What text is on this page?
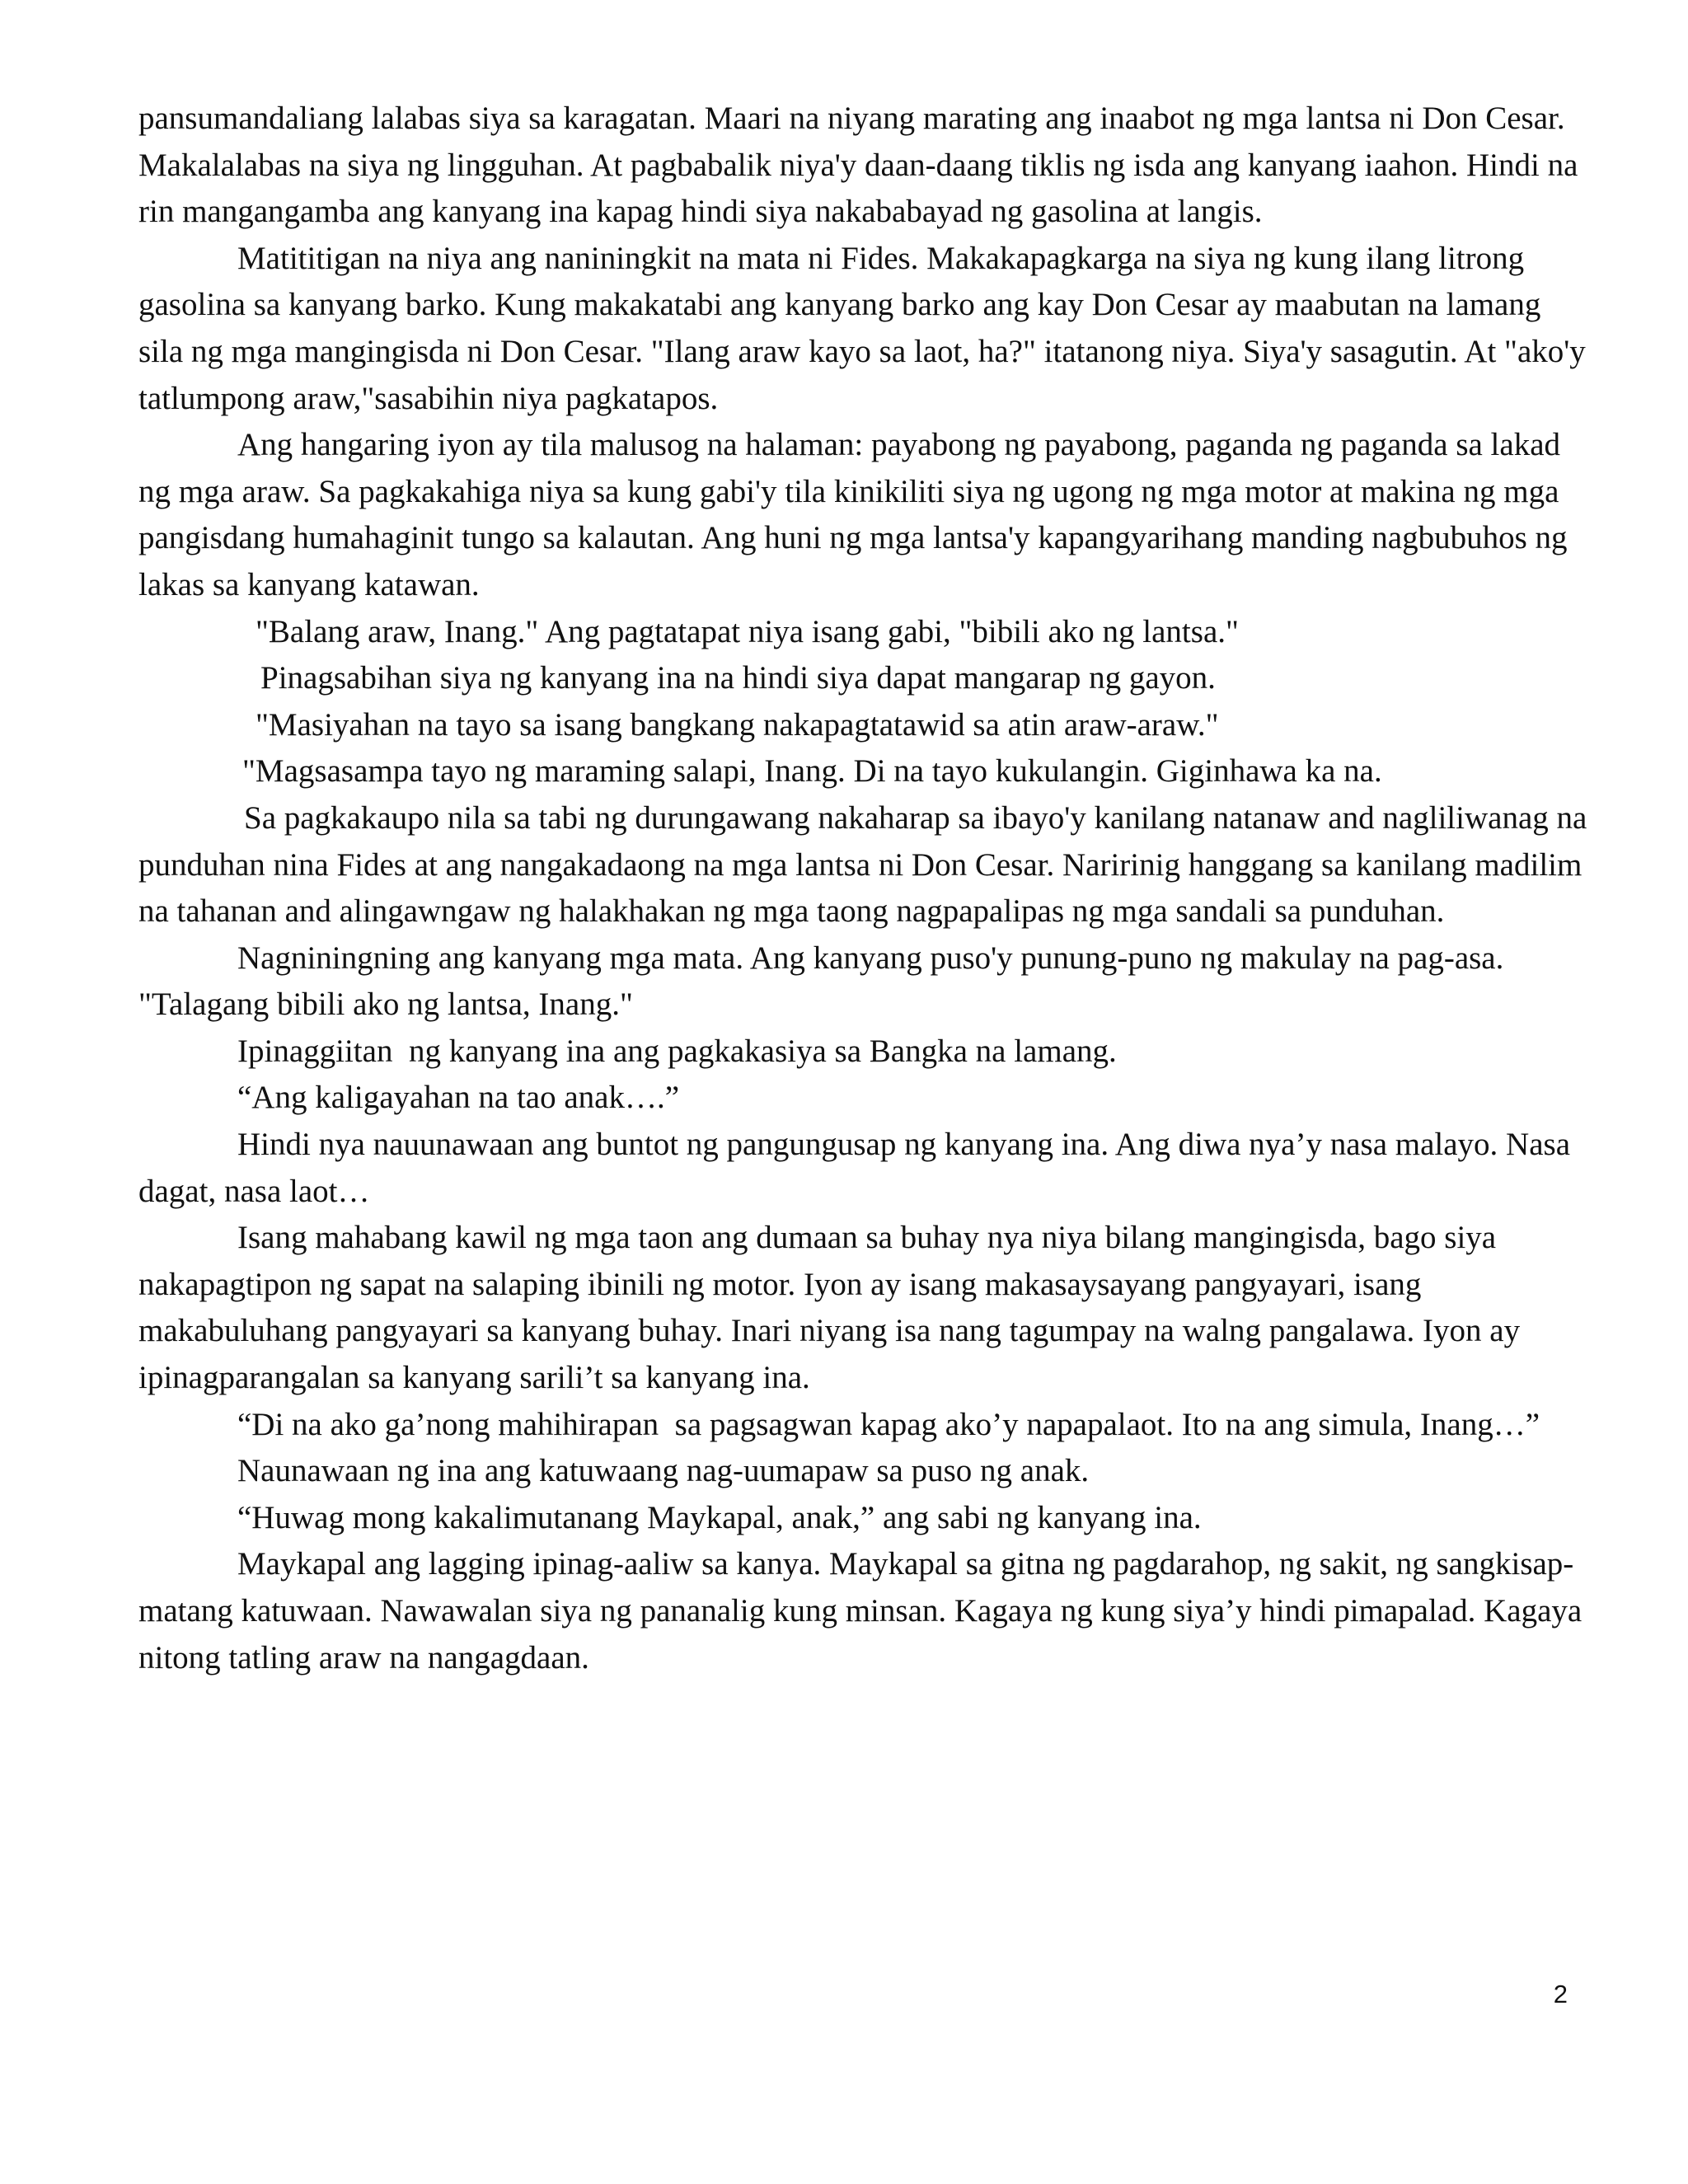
pansumandaliang lalabas siya sa karagatan. Maari na niyang marating ang inaabot ng mga lantsa ni Don Cesar. Makalalabas na siya ng lingguhan. At pagbabalik niya'y daan-daang tiklis ng isda ang kanyang iaahon. Hindi na rin mangangamba ang kanyang ina kapag hindi siya nakababayad ng gasolina at langis.

Matititigan na niya ang naniningkit na mata ni Fides. Makakapagkarga na siya ng kung ilang litrong gasolina sa kanyang barko. Kung makakatabi ang kanyang barko ang kay Don Cesar ay maabutan na lamang sila ng mga mangingisda ni Don Cesar. "Ilang araw kayo sa laot, ha?" itatanong niya. Siya'y sasagutin. At "ako'y tatlumpong araw,"sasabihin niya pagkatapos.

Ang hangaring iyon ay tila malusog na halaman: payabong ng payabong, paganda ng paganda sa lakad ng mga araw. Sa pagkakahiga niya sa kung gabi'y tila kinikiliti siya ng ugong ng mga motor at makina ng mga pangisdang humahaginit tungo sa kalautan. Ang huni ng mga lantsa'y kapangyarihang manding nagbubuhos ng lakas sa kanyang katawan.

"Balang araw, Inang." Ang pagtatapat niya isang gabi, "bibili ako ng lantsa."

Pinagsabihan siya ng kanyang ina na hindi siya dapat mangarap ng gayon.

"Masiyahan na tayo sa isang bangkang nakapagtatawid sa atin araw-araw."

"Magsasampa tayo ng maraming salapi, Inang. Di na tayo kukulangin. Giginhawa ka na.

Sa pagkakaupo nila sa tabi ng durungawang nakaharap sa ibayo'y kanilang natanaw and nagliliwanag na punduhan nina Fides at ang nangakadaong na mga lantsa ni Don Cesar. Naririnig hanggang sa kanilang madilim na tahanan and alingawngaw ng halakhakan ng mga taong nagpapalipas ng mga sandali sa punduhan.

Nagniningning ang kanyang mga mata. Ang kanyang puso'y punung-puno ng makulay na pag-asa.

"Talagang bibili ako ng lantsa, Inang."

Ipinaggiitan  ng kanyang ina ang pagkakasiya sa Bangka na lamang.

“Ang kaligayahan na tao anak….”

Hindi nya nauunawaan ang buntot ng pangungusap ng kanyang ina. Ang diwa nya’y nasa malayo. Nasa dagat, nasa laot…

Isang mahabang kawil ng mga taon ang dumaan sa buhay nya niya bilang mangingisda, bago siya nakapagtipon ng sapat na salaping ibinili ng motor. Iyon ay isang makasaysayang pangyayari, isang makabuluhang pangyayari sa kanyang buhay. Inari niyang isa nang tagumpay na walng pangalawa. Iyon ay ipinagparangalan sa kanyang sarili’t sa kanyang ina.

“Di na ako ga’nong mahihirapan  sa pagsagwan kapag ako’y napapalaot. Ito na ang simula, Inang…”

Naunawaan ng ina ang katuwaang nag-uumapaw sa puso ng anak.

“Huwag mong kakalimutanang Maykapal, anak,” ang sabi ng kanyang ina.

Maykapal ang lagging ipinag-aaliw sa kanya. Maykapal sa gitna ng pagdarahop, ng sakit, ng sangkisap-matang katuwaan. Nawawalan siya ng pananalig kung minsan. Kagaya ng kung siya’y hindi pimapalad. Kagaya nitong tatling araw na nangagdaan.

2
